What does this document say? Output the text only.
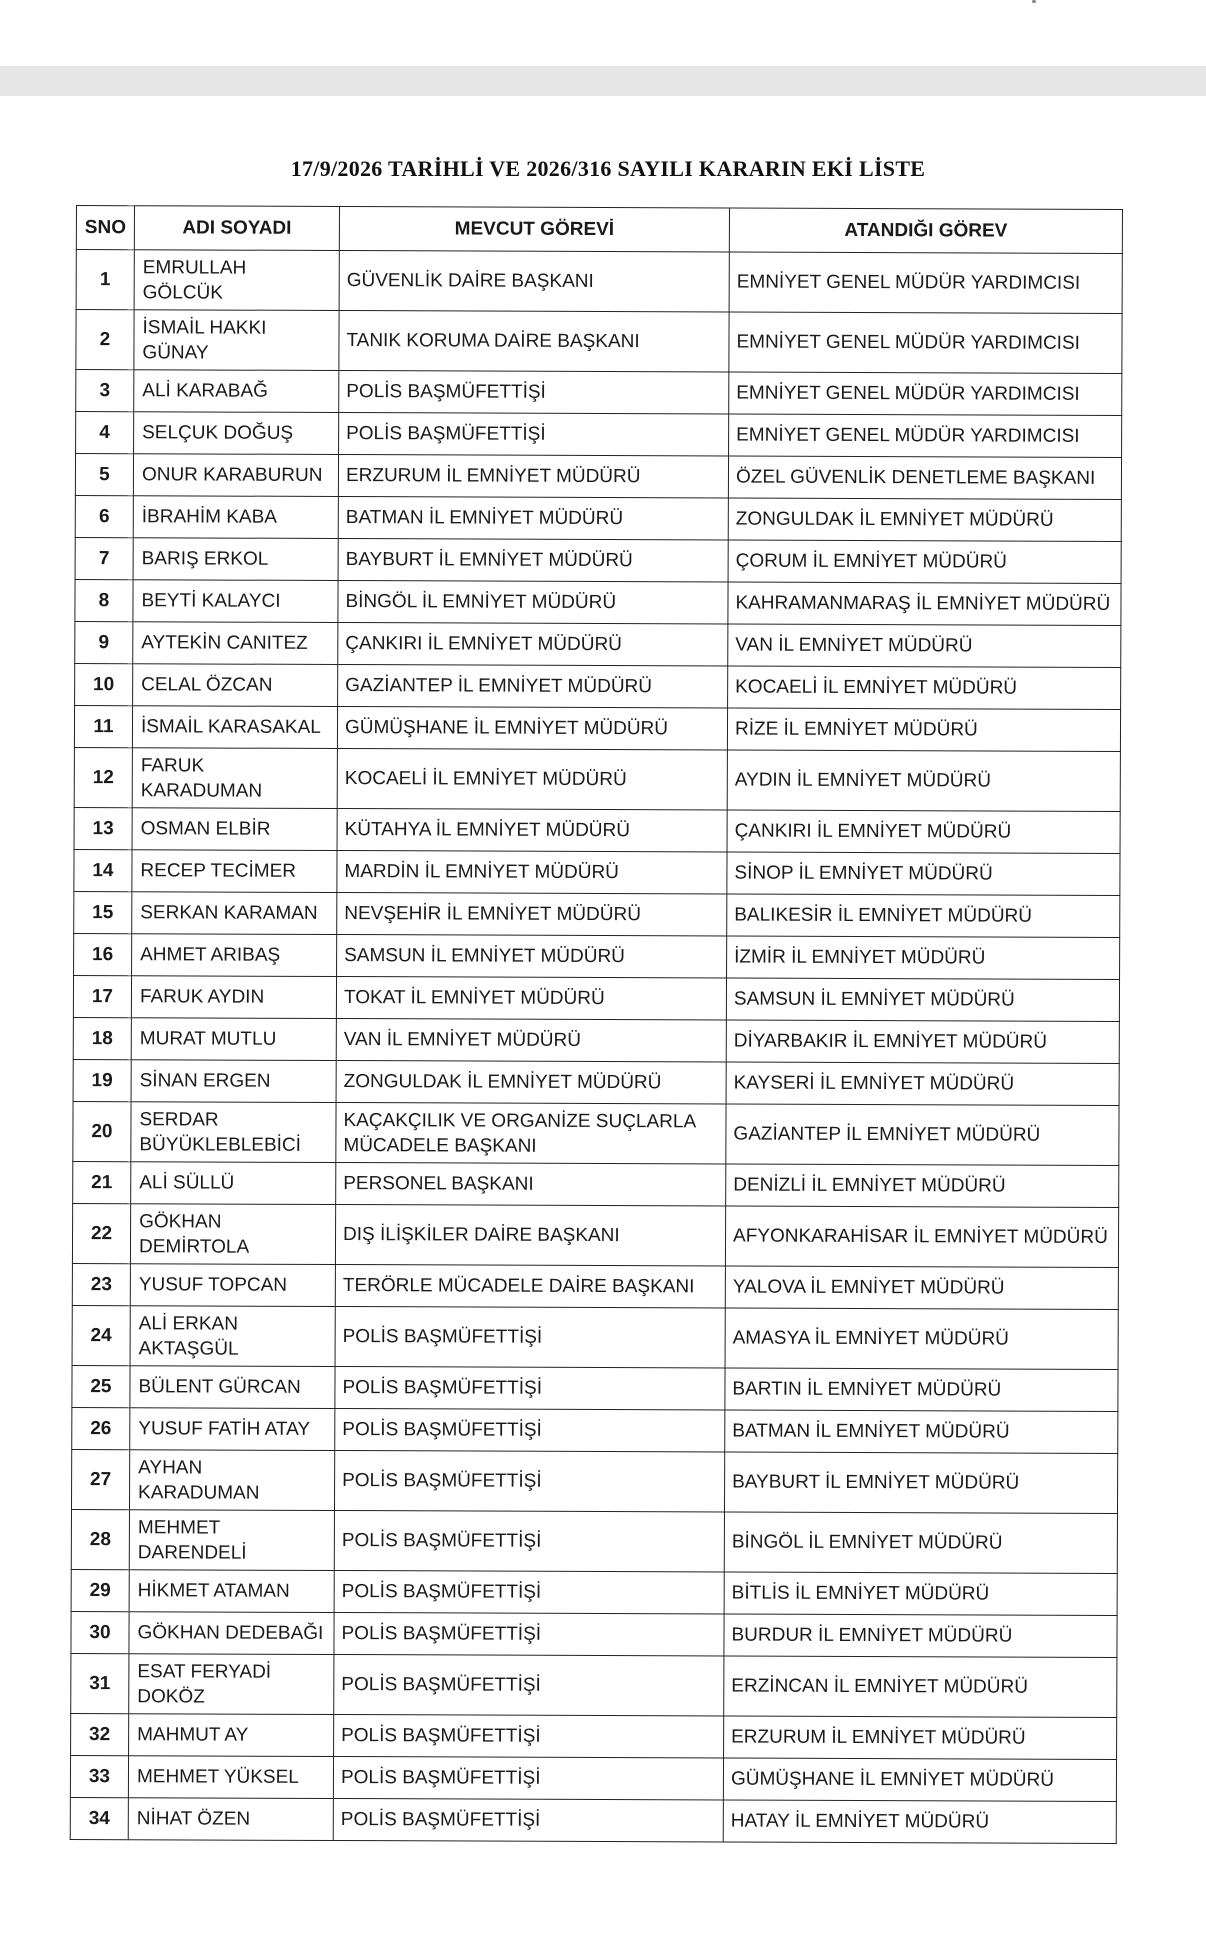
17/9/2026 TARİHLİ VE 2026/316 SAYILI KARARIN EKİ LİSTE
SNO	ADI SOYADI	MEVCUT GÖREVİ	ATANDIĞI GÖREV
1	EMRULLAH GÖLCÜK	GÜVENLİK DAİRE BAŞKANI	EMNİYET GENEL MÜDÜR YARDIMCISI
2	İSMAİL HAKKI GÜNAY	TANIK KORUMA DAİRE BAŞKANI	EMNİYET GENEL MÜDÜR YARDIMCISI
3	ALİ KARABAĞ	POLİS BAŞMÜFETTİŞİ	EMNİYET GENEL MÜDÜR YARDIMCISI
4	SELÇUK DOĞUŞ	POLİS BAŞMÜFETTİŞİ	EMNİYET GENEL MÜDÜR YARDIMCISI
5	ONUR KARABURUN	ERZURUM İL EMNİYET MÜDÜRÜ	ÖZEL GÜVENLİK DENETLEME BAŞKANI
6	İBRAHİM KABA	BATMAN İL EMNİYET MÜDÜRÜ	ZONGULDAK İL EMNİYET MÜDÜRÜ
7	BARIŞ ERKOL	BAYBURT İL EMNİYET MÜDÜRÜ	ÇORUM İL EMNİYET MÜDÜRÜ
8	BEYTİ KALAYCI	BİNGÖL İL EMNİYET MÜDÜRÜ	KAHRAMANMARAŞ İL EMNİYET MÜDÜRÜ
9	AYTEKİN CANITEZ	ÇANKIRI İL EMNİYET MÜDÜRÜ	VAN İL EMNİYET MÜDÜRÜ
10	CELAL ÖZCAN	GAZİANTEP İL EMNİYET MÜDÜRÜ	KOCAELİ İL EMNİYET MÜDÜRÜ
11	İSMAİL KARASAKAL	GÜMÜŞHANE İL EMNİYET MÜDÜRÜ	RİZE İL EMNİYET MÜDÜRÜ
12	FARUK KARADUMAN	KOCAELİ İL EMNİYET MÜDÜRÜ	AYDIN İL EMNİYET MÜDÜRÜ
13	OSMAN ELBİR	KÜTAHYA İL EMNİYET MÜDÜRÜ	ÇANKIRI İL EMNİYET MÜDÜRÜ
14	RECEP TECİMER	MARDİN İL EMNİYET MÜDÜRÜ	SİNOP İL EMNİYET MÜDÜRÜ
15	SERKAN KARAMAN	NEVŞEHİR İL EMNİYET MÜDÜRÜ	BALIKESİR İL EMNİYET MÜDÜRÜ
16	AHMET ARIBAŞ	SAMSUN İL EMNİYET MÜDÜRÜ	İZMİR İL EMNİYET MÜDÜRÜ
17	FARUK AYDIN	TOKAT İL EMNİYET MÜDÜRÜ	SAMSUN İL EMNİYET MÜDÜRÜ
18	MURAT MUTLU	VAN İL EMNİYET MÜDÜRÜ	DİYARBAKIR İL EMNİYET MÜDÜRÜ
19	SİNAN ERGEN	ZONGULDAK İL EMNİYET MÜDÜRÜ	KAYSERİ İL EMNİYET MÜDÜRÜ
20	SERDAR BÜYÜKLEBLEBİCİ	KAÇAKÇILIK VE ORGANİZE SUÇLARLA MÜCADELE BAŞKANI	GAZİANTEP İL EMNİYET MÜDÜRÜ
21	ALİ SÜLLÜ	PERSONEL BAŞKANI	DENİZLİ İL EMNİYET MÜDÜRÜ
22	GÖKHAN DEMİRTOLA	DIŞ İLİŞKİLER DAİRE BAŞKANI	AFYONKARAHİSAR İL EMNİYET MÜDÜRÜ
23	YUSUF TOPCAN	TERÖRLE MÜCADELE DAİRE BAŞKANI	YALOVA İL EMNİYET MÜDÜRÜ
24	ALİ ERKAN AKTAŞGÜL	POLİS BAŞMÜFETTİŞİ	AMASYA İL EMNİYET MÜDÜRÜ
25	BÜLENT GÜRCAN	POLİS BAŞMÜFETTİŞİ	BARTIN İL EMNİYET MÜDÜRÜ
26	YUSUF FATİH ATAY	POLİS BAŞMÜFETTİŞİ	BATMAN İL EMNİYET MÜDÜRÜ
27	AYHAN KARADUMAN	POLİS BAŞMÜFETTİŞİ	BAYBURT İL EMNİYET MÜDÜRÜ
28	MEHMET DARENDELİ	POLİS BAŞMÜFETTİŞİ	BİNGÖL İL EMNİYET MÜDÜRÜ
29	HİKMET ATAMAN	POLİS BAŞMÜFETTİŞİ	BİTLİS İL EMNİYET MÜDÜRÜ
30	GÖKHAN DEDEBAĞI	POLİS BAŞMÜFETTİŞİ	BURDUR İL EMNİYET MÜDÜRÜ
31	ESAT FERYADİ DOKÖZ	POLİS BAŞMÜFETTİŞİ	ERZİNCAN İL EMNİYET MÜDÜRÜ
32	MAHMUT AY	POLİS BAŞMÜFETTİŞİ	ERZURUM İL EMNİYET MÜDÜRÜ
33	MEHMET YÜKSEL	POLİS BAŞMÜFETTİŞİ	GÜMÜŞHANE İL EMNİYET MÜDÜRÜ
34	NİHAT ÖZEN	POLİS BAŞMÜFETTİŞİ	HATAY İL EMNİYET MÜDÜRÜ
